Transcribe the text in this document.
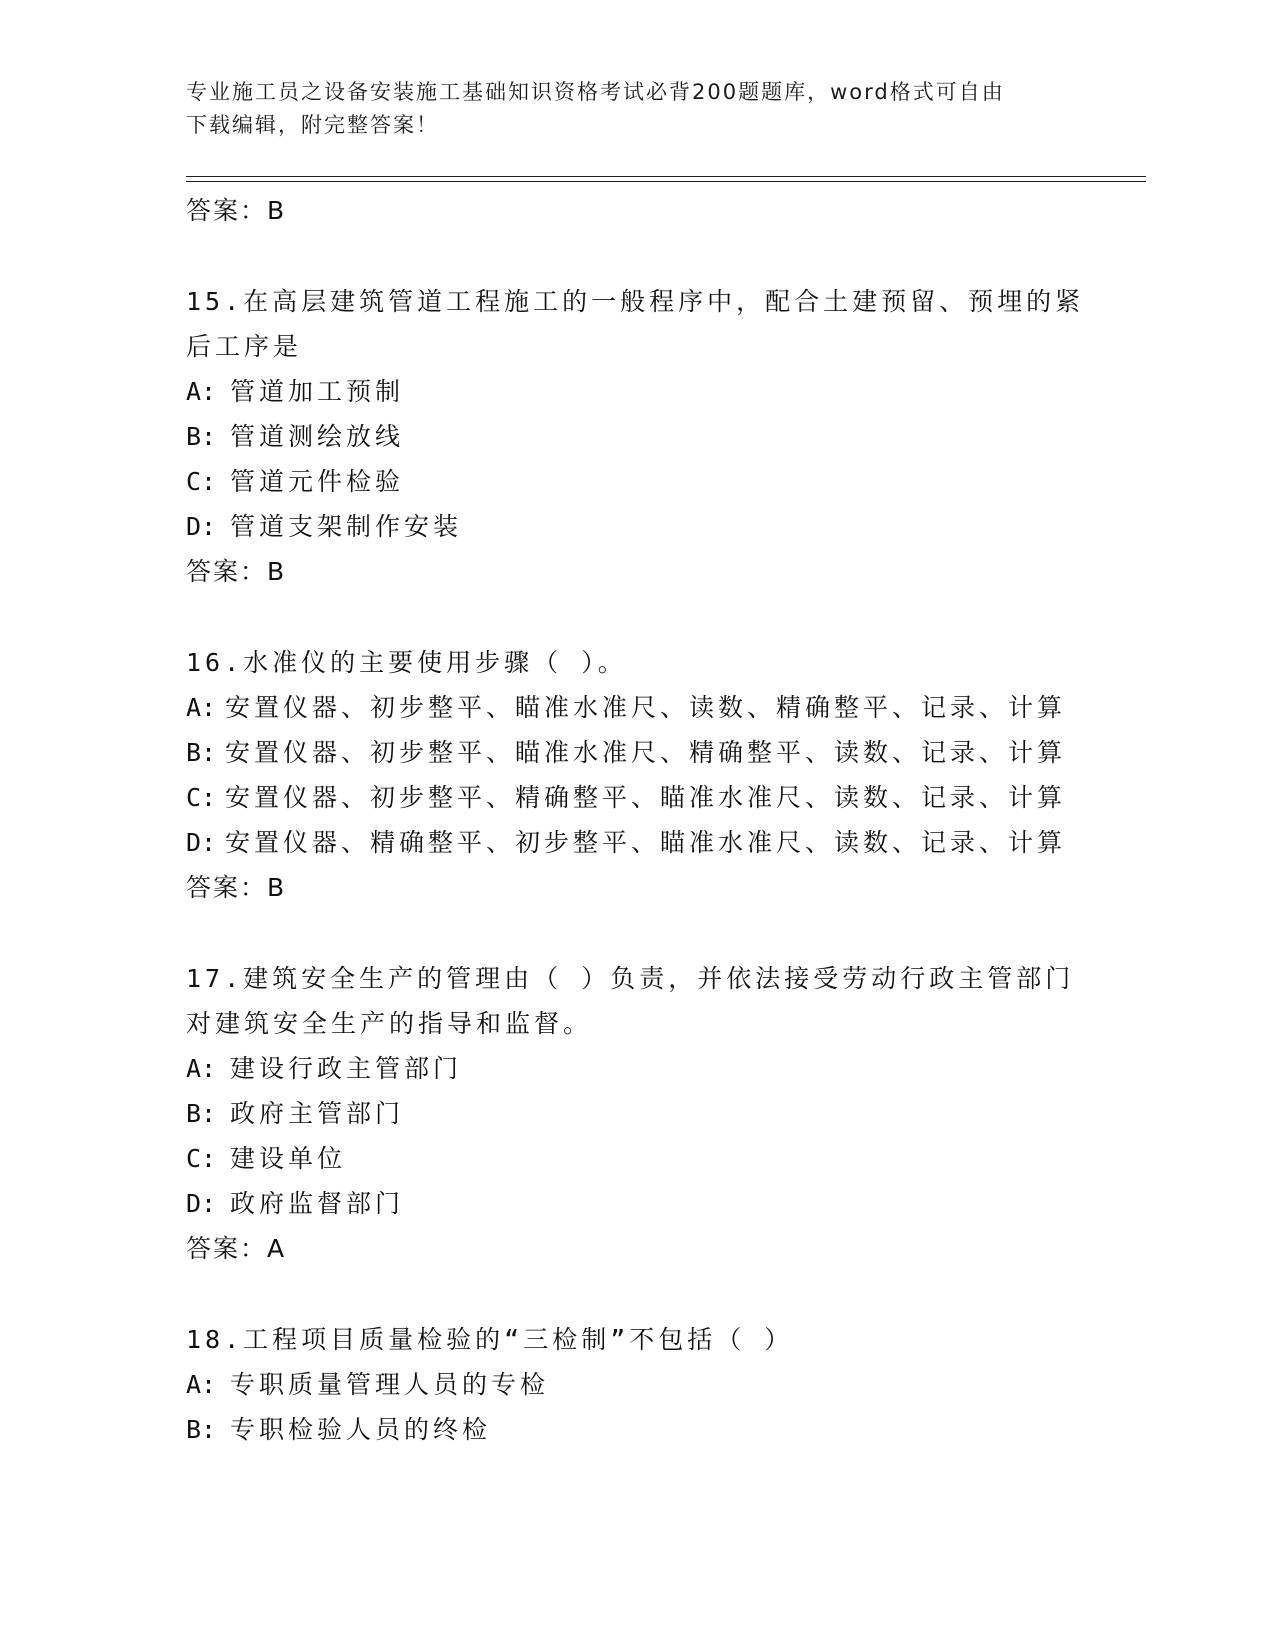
专业施工员之设备安装施工基础知识资格考试必背200题题库，word格式可自由
下载编辑，附完整答案！
答案：B
15.在高层建筑管道工程施工的一般程序中，配合土建预留、预埋的紧
后工序是
A: 管道加工预制
B: 管道测绘放线
C: 管道元件检验
D: 管道支架制作安装
答案：B
16.水准仪的主要使用步骤（ ）。
A: 安置仪器、初步整平、瞄准水准尺、读数、精确整平、记录、计算
B: 安置仪器、初步整平、瞄准水准尺、精确整平、读数、记录、计算
C: 安置仪器、初步整平、精确整平、瞄准水准尺、读数、记录、计算
D: 安置仪器、精确整平、初步整平、瞄准水准尺、读数、记录、计算
答案：B
17.建筑安全生产的管理由（ ）负责，并依法接受劳动行政主管部门
对建筑安全生产的指导和监督。
A: 建设行政主管部门
B: 政府主管部门
C: 建设单位
D: 政府监督部门
答案：A
18.工程项目质量检验的“三检制”不包括（ ）
A: 专职质量管理人员的专检
B: 专职检验人员的终检
